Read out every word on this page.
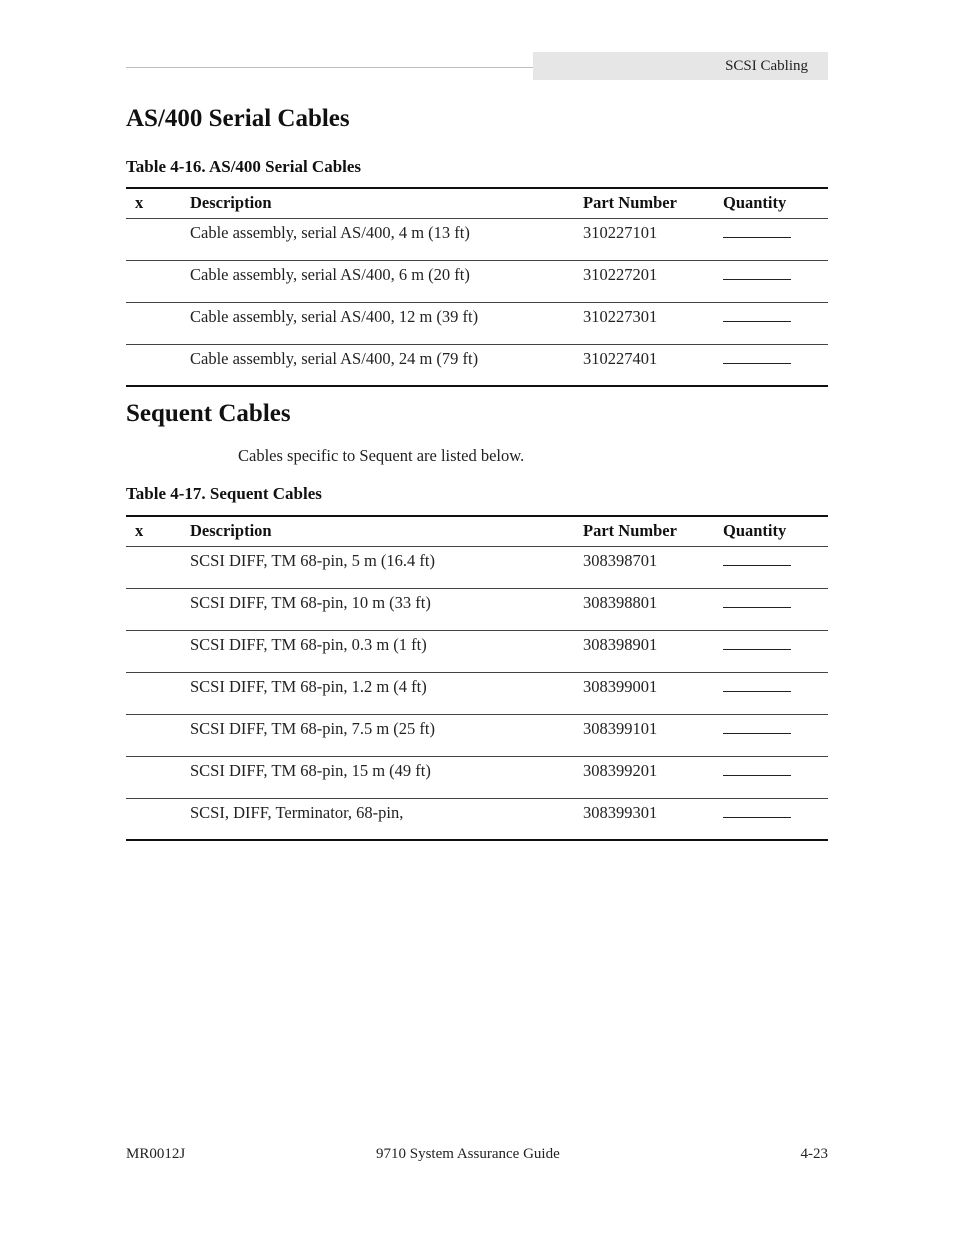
SCSI Cabling
AS/400 Serial Cables

Table 4-16. AS/400 Serial Cables

x	Description	Part Number	Quantity
	Cable assembly, serial AS/400, 4 m (13 ft)	310227101	
	Cable assembly, serial AS/400, 6 m (20 ft)	310227201	
	Cable assembly, serial AS/400, 12 m (39 ft)	310227301	
	Cable assembly, serial AS/400, 24 m (79 ft)	310227401	
Sequent Cables

Cables specific to Sequent are listed below.

Table 4-17. Sequent Cables

x	Description	Part Number	Quantity
	SCSI DIFF, TM 68-pin, 5 m (16.4 ft)	308398701	
	SCSI DIFF, TM 68-pin, 10 m (33 ft)	308398801	
	SCSI DIFF, TM 68-pin, 0.3 m (1 ft)	308398901	
	SCSI DIFF, TM 68-pin, 1.2 m (4 ft)	308399001	
	SCSI DIFF, TM 68-pin, 7.5 m (25 ft)	308399101	
	SCSI DIFF, TM 68-pin, 15 m (49 ft)	308399201	
	SCSI, DIFF, Terminator, 68-pin,	308399301	

MR0012J	9710 System Assurance Guide	4-23
